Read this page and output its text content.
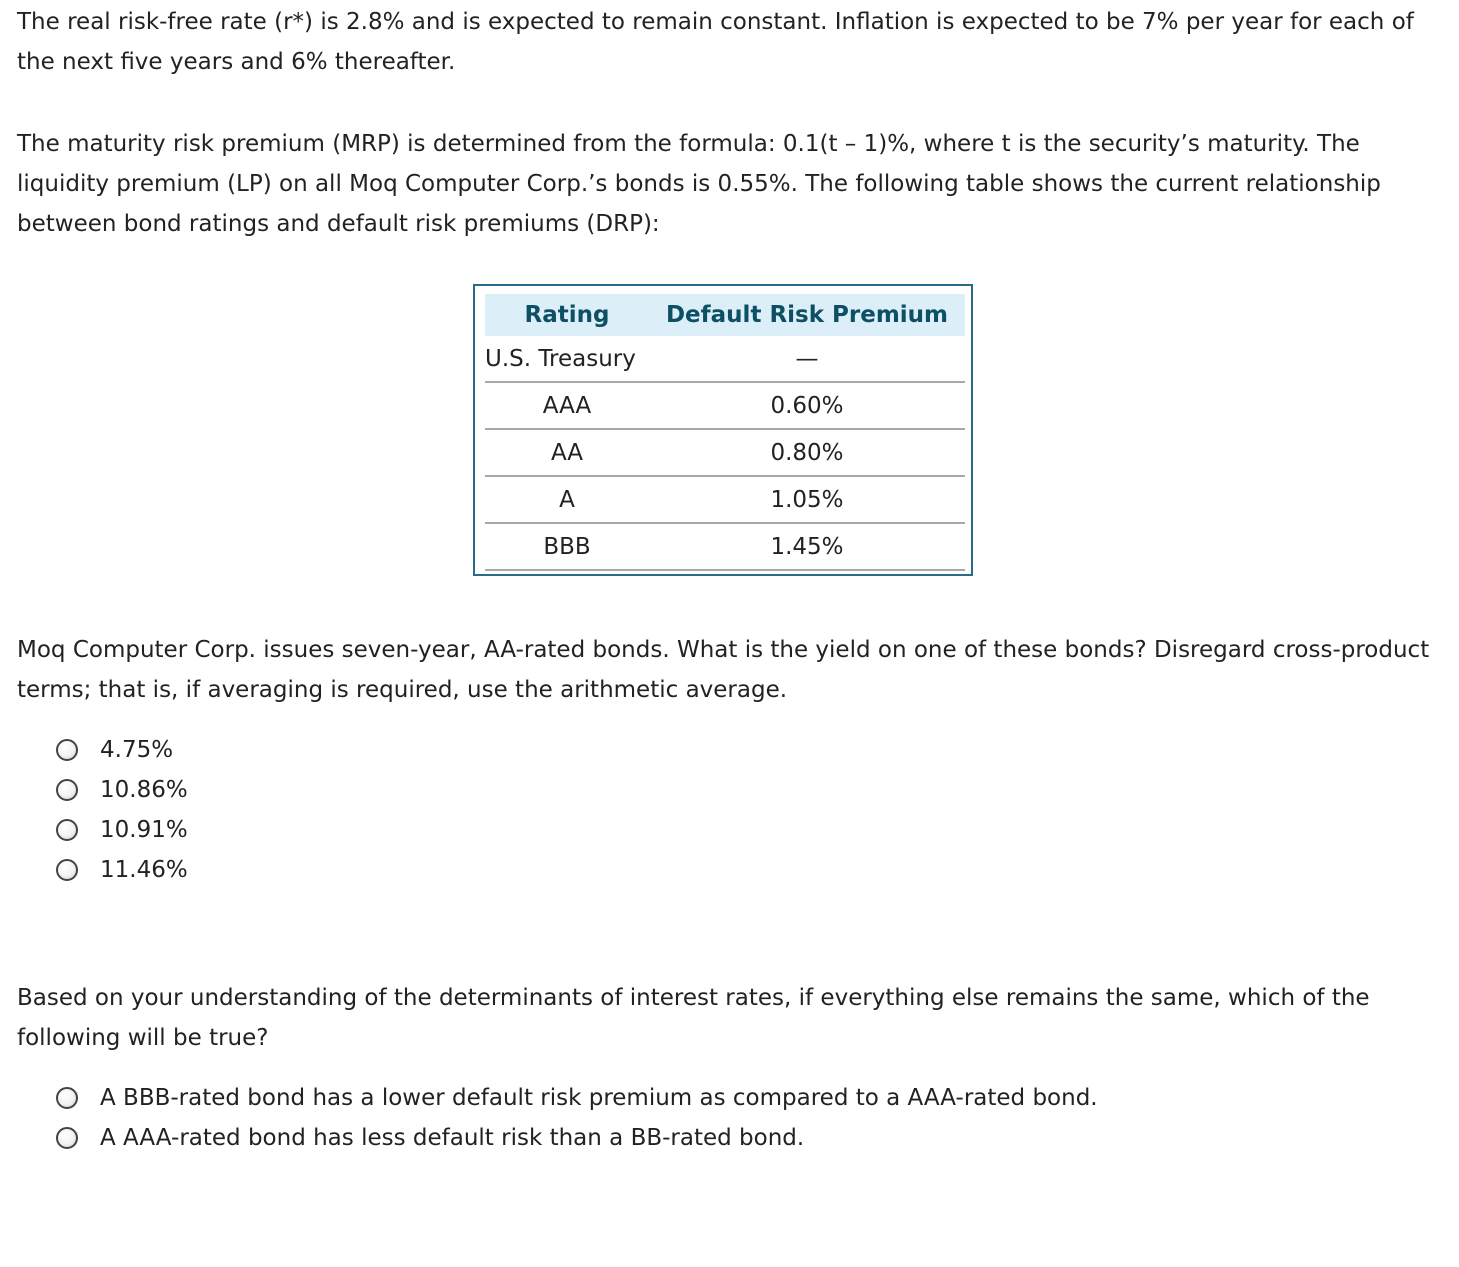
The real risk-free rate (r*) is 2.8% and is expected to remain constant. Inflation is expected to be 7% per year for each of the next five years and 6% thereafter.

The maturity risk premium (MRP) is determined from the formula: 0.1(t – 1)%, where t is the security’s maturity. The liquidity premium (LP) on all Moq Computer Corp.’s bonds is 0.55%. The following table shows the current relationship between bond ratings and default risk premiums (DRP):

Rating	Default Risk Premium
U.S. Treasury	—
AAA	0.60%
AA	0.80%
A	1.05%
BBB	1.45%

Moq Computer Corp. issues seven-year, AA-rated bonds. What is the yield on one of these bonds? Disregard cross-product terms; that is, if averaging is required, use the arithmetic average.

4.75%
10.86%
10.91%
11.46%

Based on your understanding of the determinants of interest rates, if everything else remains the same, which of the following will be true?

A BBB-rated bond has a lower default risk premium as compared to a AAA-rated bond.
A AAA-rated bond has less default risk than a BB-rated bond.
